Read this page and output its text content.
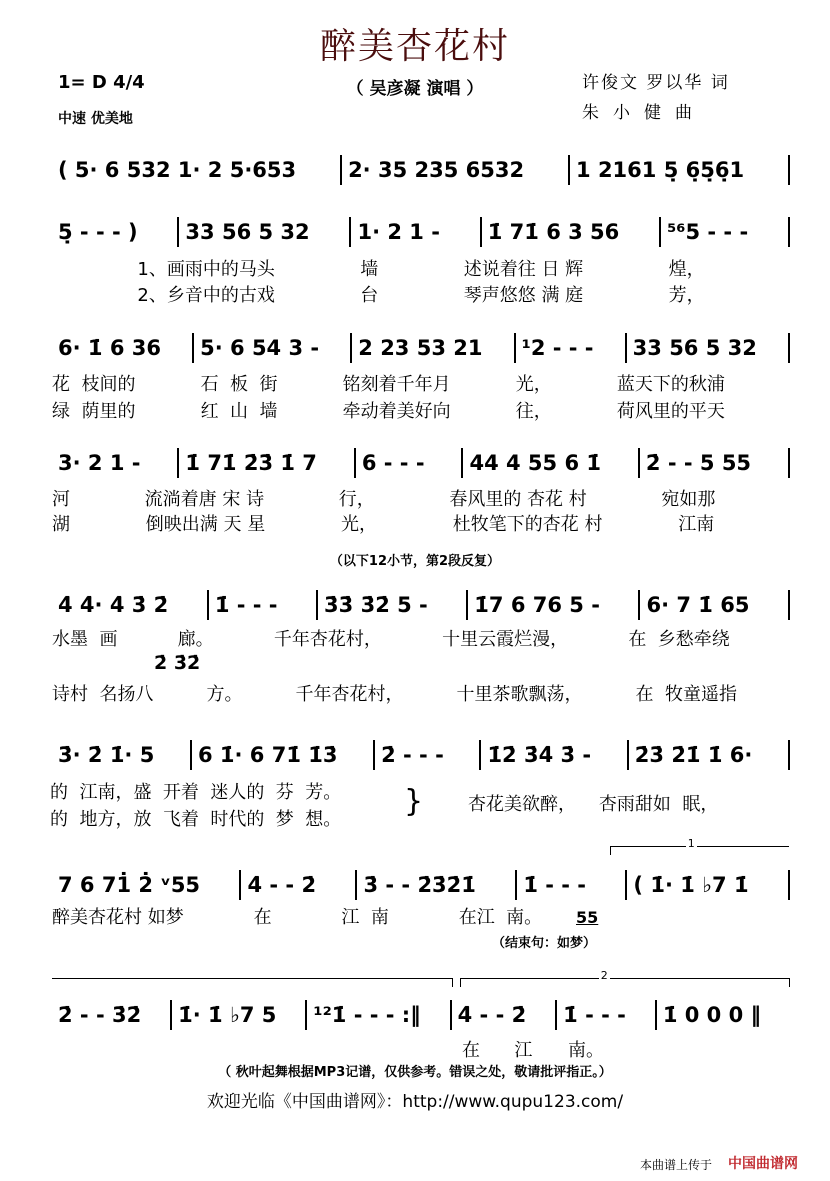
醉美杏花村
（ 吴彦凝 演唱 ）
1= D 4/4
中速 优美地
许俊文 罗以华 词
朱小健曲
( 5· 6 532 1· 2 5·653	2· 35 235 6532	1 2161 5̣ 6̣5̣6̣1
5̣ - - - )	33 56 5 32	1· 2 1 -	1̇ 71̇ 6 3 56	⁵⁶5 - - -
1、画雨中的马头	墙	述说着往 日 辉	煌，
2、乡音中的古戏	台	琴声悠悠 满 庭	芳，
6· 1̇ 6 36	5· 6 54 3 -	2 23 53 21	¹2 - - -	33 56 5 32
花  枝间的	石  板  街	铭刻着千年月	光，	蓝天下的秋浦
绿  荫里的	红  山  墙	牵动着美好向	往，	荷风里的平天
3· 2 1 -	1̇ 71̇ 2̇3̇ 1̇ 7	6 - - -	44 4 55 6 1̇	2̇ - - 5 55
河	流淌着唐 宋 诗	行，	春风里的 杏花 村	宛如那
湖	倒映出满 天 星	光，	杜牧笔下的杏花 村	江南
（以下12小节，第2段反复）
4̇ 4̇· 4̇ 3̇ 2̇	1̇ - - -	3̇3̇ 3̇2̇ 5 -	1̇7 6 76 5 -	6· 7 1̇ 65
水墨  画	廊。	千年杏花村，	十里云霞烂漫，	在  乡愁牵绕
2̇ 3̇2̇
诗村  名扬八	方。	千年杏花村，	十里茶歌飘荡，	在  牧童遥指
3̇· 2̇ 1̇· 5	6 1̇· 6 71̇ 1̇3̇	2̇ - - -	1̇2̇ 3̇4̇ 3̇ -	2̇3̇ 2̇1̇ 1̇ 6·
的  江南，盛  开着  迷人的  芬  芳。
的  地方，放  飞着  时代的  梦  想。
} 杏花美欲醉，    杏雨甜如  眠，
1
7 6 71̇ 2̇ ᵛ55	4̇ - - 2̇	3̇ - - 2̇3̇2̇1̇	1̇ - - -	( 1̇· 1̇ ♭7 1̇
醉美杏花村 如梦	在	江  南	在江  南。	55
（结束句：如梦）
2
2̇ - - 3̇2̇	1̇· 1̇ ♭7 5	¹²1̇ - - - :‖	4̇ - - 2̇	1̇ - - -	1̇ 0 0 0 ‖
在      江 南。
（ 秋叶起舞根据MP3记谱，仅供参考。错误之处，敬请批评指正。）
欢迎光临《中国曲谱网》：http://www.qupu123.com/
本曲谱上传于 中国曲谱网
